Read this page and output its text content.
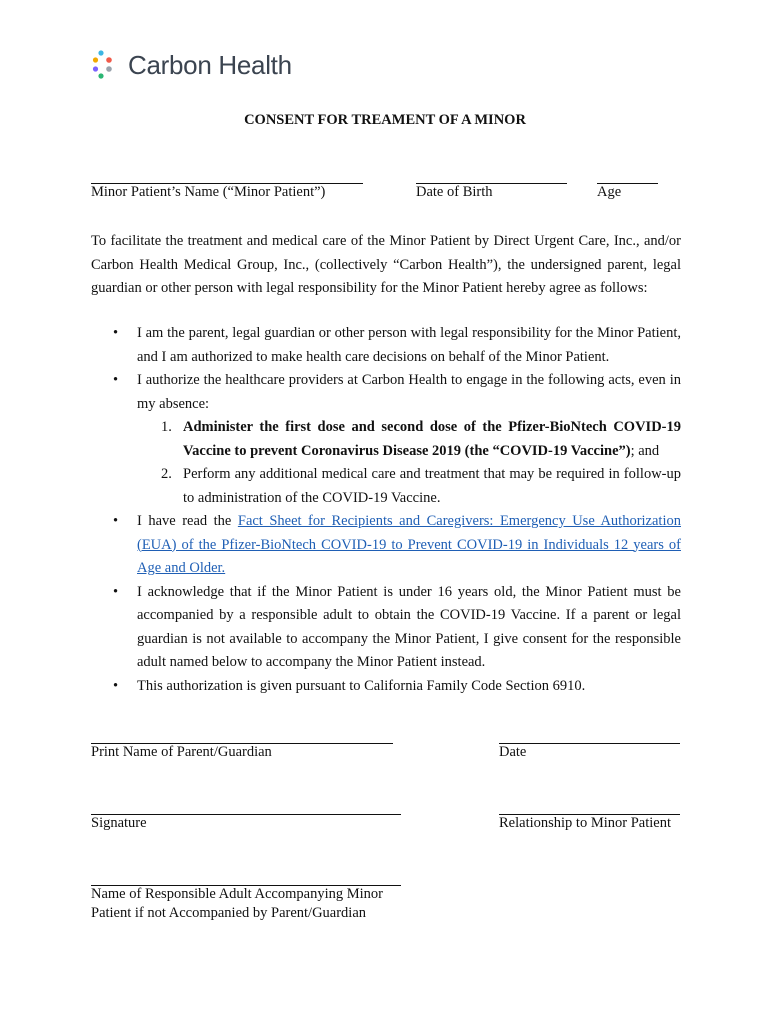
Carbon Health
CONSENT FOR TREAMENT OF A MINOR
Minor Patient’s Name (“Minor Patient”)	Date of Birth	Age

To facilitate the treatment and medical care of the Minor Patient by Direct Urgent Care, Inc., and/or Carbon Health Medical Group, Inc., (collectively “Carbon Health”), the undersigned parent, legal guardian or other person with legal responsibility for the Minor Patient hereby agree as follows:

• I am the parent, legal guardian or other person with legal responsibility for the Minor Patient, and I am authorized to make health care decisions on behalf of the Minor Patient.
• I authorize the healthcare providers at Carbon Health to engage in the following acts, even in my absence:
1. Administer the first dose and second dose of the Pfizer-BioNtech COVID-19 Vaccine to prevent Coronavirus Disease 2019 (the “COVID-19 Vaccine”); and
2. Perform any additional medical care and treatment that may be required in follow-up to administration of the COVID-19 Vaccine.
• I have read the Fact Sheet for Recipients and Caregivers: Emergency Use Authorization (EUA) of the Pfizer-BioNtech COVID-19 to Prevent COVID-19 in Individuals 12 years of Age and Older.
• I acknowledge that if the Minor Patient is under 16 years old, the Minor Patient must be accompanied by a responsible adult to obtain the COVID-19 Vaccine. If a parent or legal guardian is not available to accompany the Minor Patient, I give consent for the responsible adult named below to accompany the Minor Patient instead.
• This authorization is given pursuant to California Family Code Section 6910.
Print Name of Parent/Guardian	Date
Signature	Relationship to Minor Patient
Name of Responsible Adult Accompanying Minor
Patient if not Accompanied by Parent/Guardian
